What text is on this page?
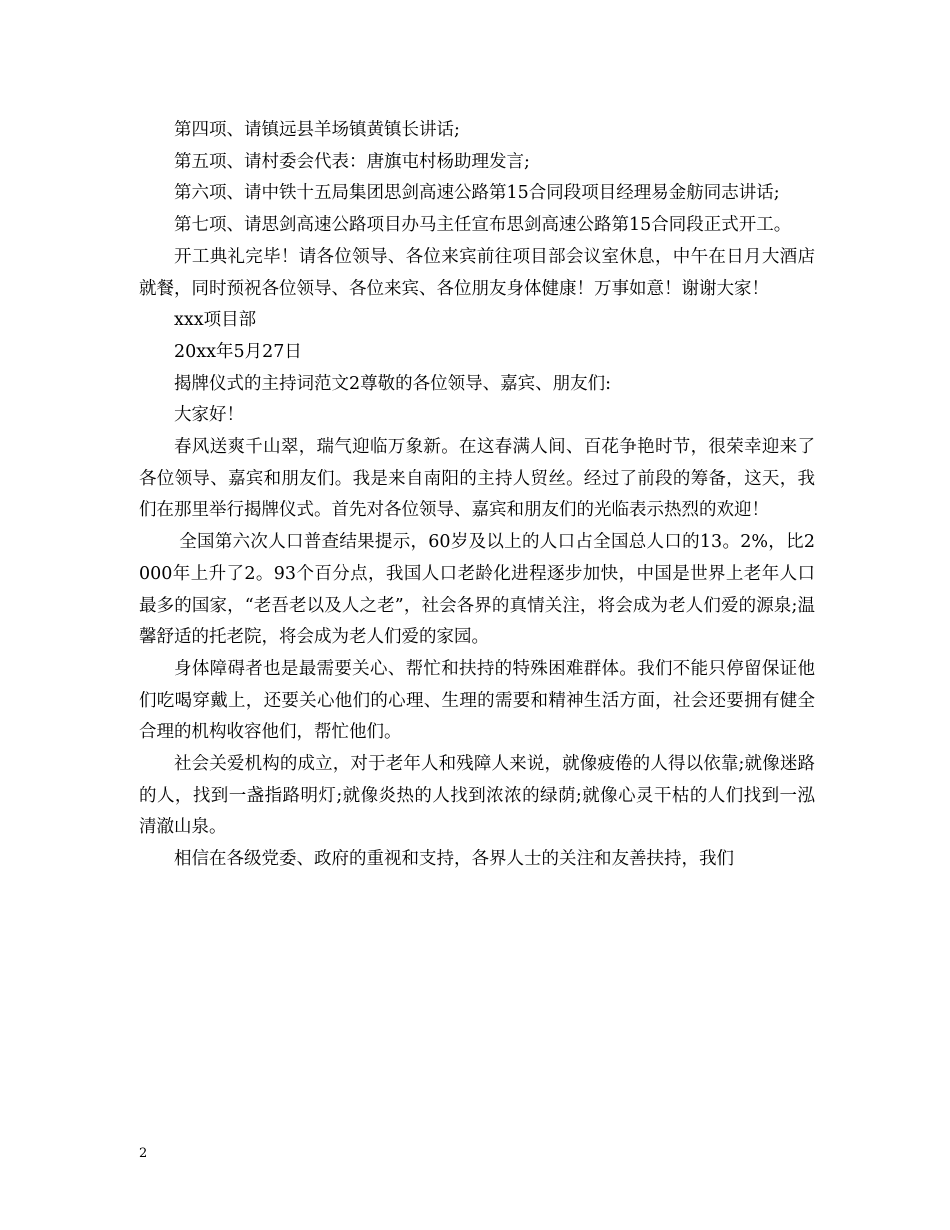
第四项、请镇远县羊场镇黄镇长讲话;

第五项、请村委会代表：唐旗屯村杨助理发言;

第六项、请中铁十五局集团思剑高速公路第15合同段项目经理易金舫同志讲话;

第七项、请思剑高速公路项目办马主任宣布思剑高速公路第15合同段正式开工。

开工典礼完毕！请各位领导、各位来宾前往项目部会议室休息，中午在日月大酒店就餐，同时预祝各位领导、各位来宾、各位朋友身体健康！万事如意！谢谢大家！

xxx项目部

20xx年5月27日

揭牌仪式的主持词范文2尊敬的各位领导、嘉宾、朋友们:

大家好！

春风送爽千山翠，瑞气迎临万象新。在这春满人间、百花争艳时节，很荣幸迎来了各位领导、嘉宾和朋友们。我是来自南阳的主持人贸丝。经过了前段的筹备，这天，我们在那里举行揭牌仪式。首先对各位领导、嘉宾和朋友们的光临表示热烈的欢迎！

全国第六次人口普查结果提示，60岁及以上的人口占全国总人口的13。2%，比2000年上升了2。93个百分点，我国人口老龄化进程逐步加快，中国是世界上老年人口最多的国家，“老吾老以及人之老”，社会各界的真情关注，将会成为老人们爱的源泉;温馨舒适的托老院，将会成为老人们爱的家园。

身体障碍者也是最需要关心、帮忙和扶持的特殊困难群体。我们不能只停留保证他们吃喝穿戴上，还要关心他们的心理、生理的需要和精神生活方面，社会还要拥有健全合理的机构收容他们，帮忙他们。

社会关爱机构的成立，对于老年人和残障人来说，就像疲倦的人得以依靠;就像迷路的人，找到一盏指路明灯;就像炎热的人找到浓浓的绿荫;就像心灵干枯的人们找到一泓清澈山泉。

相信在各级党委、政府的重视和支持，各界人士的关注和友善扶持，我们

2
